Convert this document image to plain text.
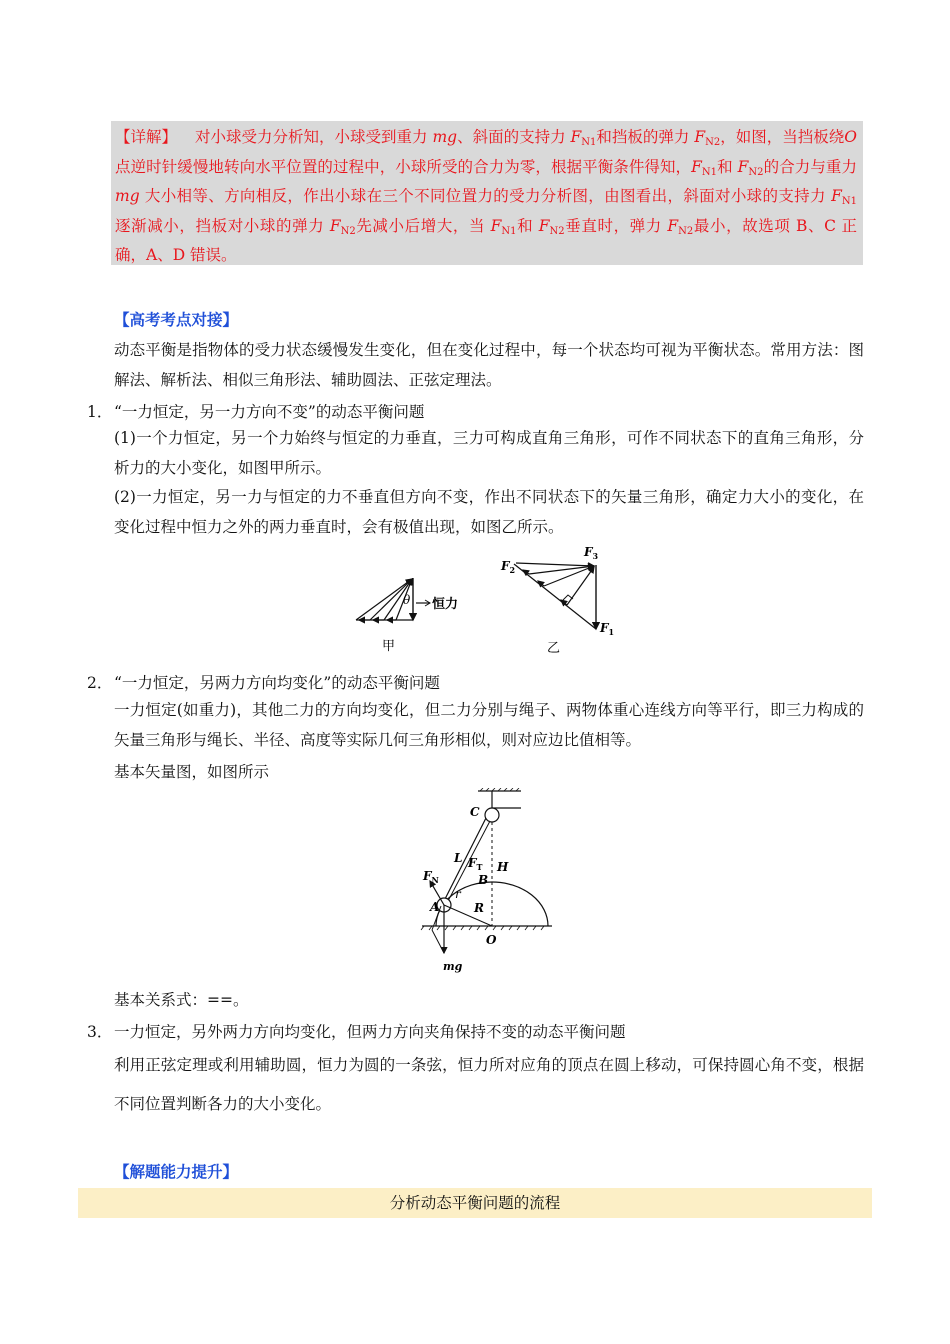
【详解】 对小球受力分析知，小球受到重力 mg、斜面的支持力 $F_{N1}$和挡板的弹力 $F_{N2}$，如图，当挡板绕O 点逆时针缓慢地转向水平位置的过程中，小球所受的合力为零，根据平衡条件得知，$F_{N1}$和 $F_{N2}$的合力与重力 mg 大小相等、方向相反，作出小球在三个不同位置力的受力分析图，由图看出，斜面对小球的支持力 $F_{N1}$逐渐减小，挡板对小球的弹力 $F_{N2}$先减小后增大，当 $F_{N1}$和 $F_{N2}$垂直时，弹力 $F_{N2}$最小，故选项 B、C 正确，A、D 错误。

【高考考点对接】

动态平衡是指物体的受力状态缓慢发生变化，但在变化过程中，每一个状态均可视为平衡状态。常用方法：图解法、解析法、相似三角形法、辅助圆法、正弦定理法。

1． “一力恒定，另一力方向不变”的动态平衡问题

(1)一个力恒定，另一个力始终与恒定的力垂直，三力可构成直角三角形，可作不同状态下的直角三角形，分析力的大小变化，如图甲所示。

(2)一力恒定，另一力与恒定的力不垂直但方向不变，作出不同状态下的矢量三角形，确定力大小的变化，在变化过程中恒力之外的两力垂直时，会有极值出现，如图乙所示。

θ 恒力
甲
$F_2$
$F_3$
$F_1$
乙
2． “一力恒定，另两力方向均变化”的动态平衡问题

一力恒定(如重力)，其他二力的方向均变化，但二力分别与绳子、两物体重心连线方向等平行，即三力构成的矢量三角形与绳长、半径、高度等实际几何三角形相似，则对应边比值相等。

基本矢量图，如图所示
C
L $F_T$ H
$F_N$
r
B
A	R
O
mg
基本关系式：==。
3． 一力恒定，另外两力方向均变化，但两力方向夹角保持不变的动态平衡问题

利用正弦定理或利用辅助圆，恒力为圆的一条弦，恒力所对应角的顶点在圆上移动，可保持圆心角不变，根据不同位置判断各力的大小变化。

【解题能力提升】
分析动态平衡问题的流程
